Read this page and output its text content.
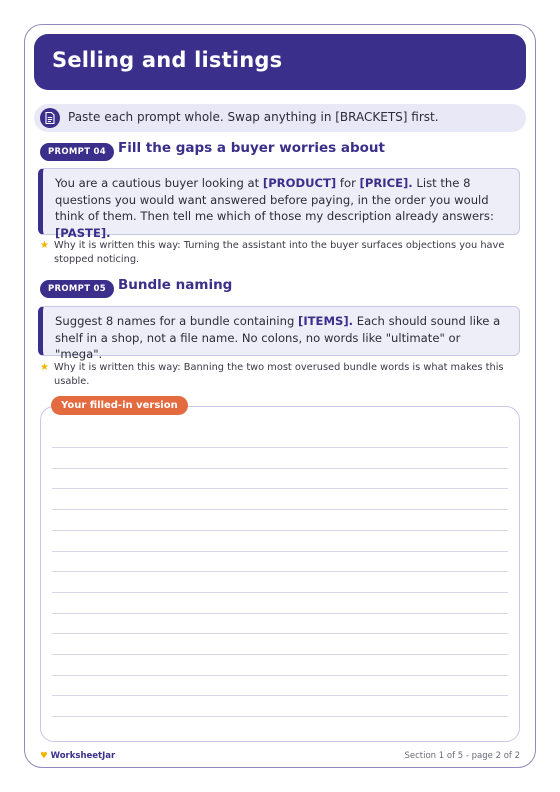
Selling and listings
Paste each prompt whole. Swap anything in [BRACKETS] first.
PROMPT 04 Fill the gaps a buyer worries about
You are a cautious buyer looking at [PRODUCT] for [PRICE]. List the 8 questions you would want answered before paying, in the order you would think of them. Then tell me which of those my description already answers: [PASTE].
★ Why it is written this way: Turning the assistant into the buyer surfaces objections you have stopped noticing.
PROMPT 05 Bundle naming
Suggest 8 names for a bundle containing [ITEMS]. Each should sound like a shelf in a shop, not a file name. No colons, no words like "ultimate" or "mega".
★ Why it is written this way: Banning the two most overused bundle words is what makes this usable.
Your filled-in version
♥ WorksheetJar	Section 1 of 5 - page 2 of 2
